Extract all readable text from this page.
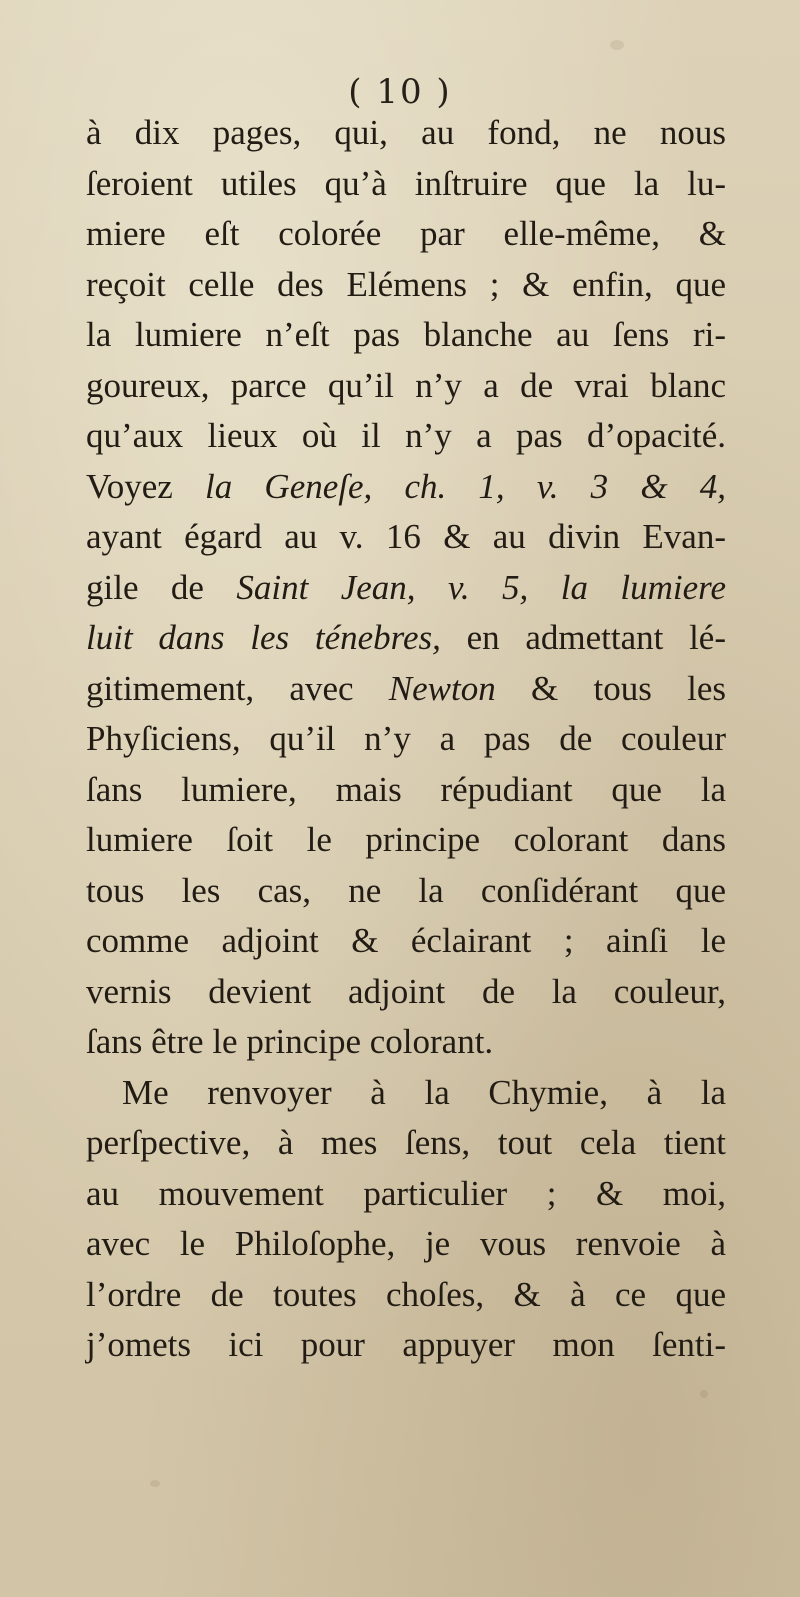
( 10 )
à dix pages, qui, au fond, ne nous
ſeroient utiles qu’à inſtruire que la lu-
miere eſt colorée par elle-même, &
reçoit celle des Elémens ; & enfin, que
la lumiere n’eſt pas blanche au ſens ri-
goureux, parce qu’il n’y a de vrai blanc
qu’aux lieux où il n’y a pas d’opacité.
Voyez la Geneſe, ch. 1, v. 3 & 4,
ayant égard au v. 16 & au divin Evan-
gile de Saint Jean, v. 5, la lumiere
luit dans les ténebres, en admettant lé-
gitimement, avec Newton & tous les
Phyſiciens, qu’il n’y a pas de couleur
ſans lumiere, mais répudiant que la
lumiere ſoit le principe colorant dans
tous les cas, ne la conſidérant que
comme adjoint & éclairant ; ainſi le
vernis devient adjoint de la couleur,
ſans être le principe colorant.
Me renvoyer à la Chymie, à la
perſpective, à mes ſens, tout cela tient
au mouvement particulier ; & moi,
avec le Philoſophe, je vous renvoie à
l’ordre de toutes choſes, & à ce que
j’omets ici pour appuyer mon ſenti-
